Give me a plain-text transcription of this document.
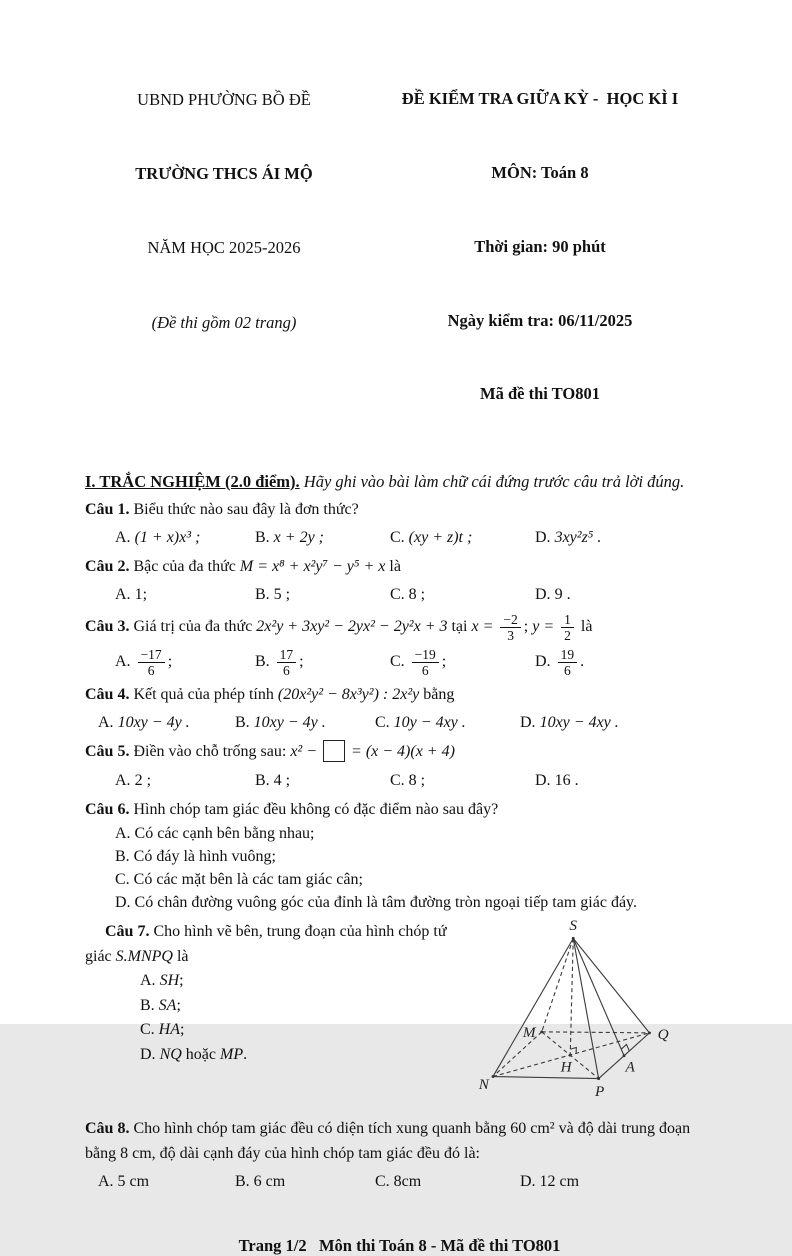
UBND PHƯỜNG BỒ ĐỀ

TRƯỜNG THCS ÁI MỘ

NĂM HỌC 2025-2026

(Đề thi gồm 02 trang)

ĐỀ KIỂM TRA GIỮA KỲ -  HỌC KÌ I

MÔN: Toán 8

Thời gian: 90 phút

Ngày kiểm tra: 06/11/2025

Mã đề thi TO801

I. TRẮC NGHIỆM (2.0 điểm). Hãy ghi vào bài làm chữ cái đứng trước câu trả lời đúng.

Câu 1. Biểu thức nào sau đây là đơn thức?

A. (1 + x)x³ ;	B. x + 2y ;	C. (xy + z)t ;	D. 3xy²z⁵ .

Câu 2. Bậc của đa thức M = x⁸ + x²y⁷ − y⁵ + x là

A. 1;	B. 5 ;	C. 8 ;	D. 9 .

Câu 3. Giá trị của đa thức 2x²y + 3xy² − 2yx² − 2y²x + 3 tại $x = \frac{-2}{3}$ ; $y = \frac{1}{2}$ là

A. $\frac{-17}{6}$ ;	B. $\frac{17}{6}$ ;	C. $\frac{-19}{6}$ ;	D. $\frac{19}{6}$ .

Câu 4. Kết quả của phép tính (20x²y² − 8x³y²) : 2x²y bằng

A. 10xy − 4y .	B. 10xy − 4y .	C. 10y − 4xy .	D. 10xy − 4xy .

Câu 5. Điền vào chỗ trống sau: x² − = (x − 4)(x + 4)

A. 2 ;	B. 4 ;	C. 8 ;	D. 16 .

Câu 6. Hình chóp tam giác đều không có đặc điểm nào sau đây?

A. Có các cạnh bên bằng nhau;
B. Có đáy là hình vuông;
C. Có các mặt bên là các tam giác cân;
D. Có chân đường vuông góc của đỉnh là tâm đường tròn ngoại tiếp tam giác đáy.
Câu 7. Cho hình vẽ bên, trung đoạn của hình chóp tứ
giác S.MNPQ là
A. SH;
B. SA;
C. HA;
D. NQ hoặc MP.
S
M
N	P
Q
H	A

Câu 8. Cho hình chóp tam giác đều có diện tích xung quanh bằng 60 cm² và độ dài trung đoạn bằng 8 cm, độ dài cạnh đáy của hình chóp tam giác đều đó là:

A. 5 cm	B. 6 cm	C. 8cm	D. 12 cm
Trang 1/2   Môn thi Toán 8 - Mã đề thi TO801
